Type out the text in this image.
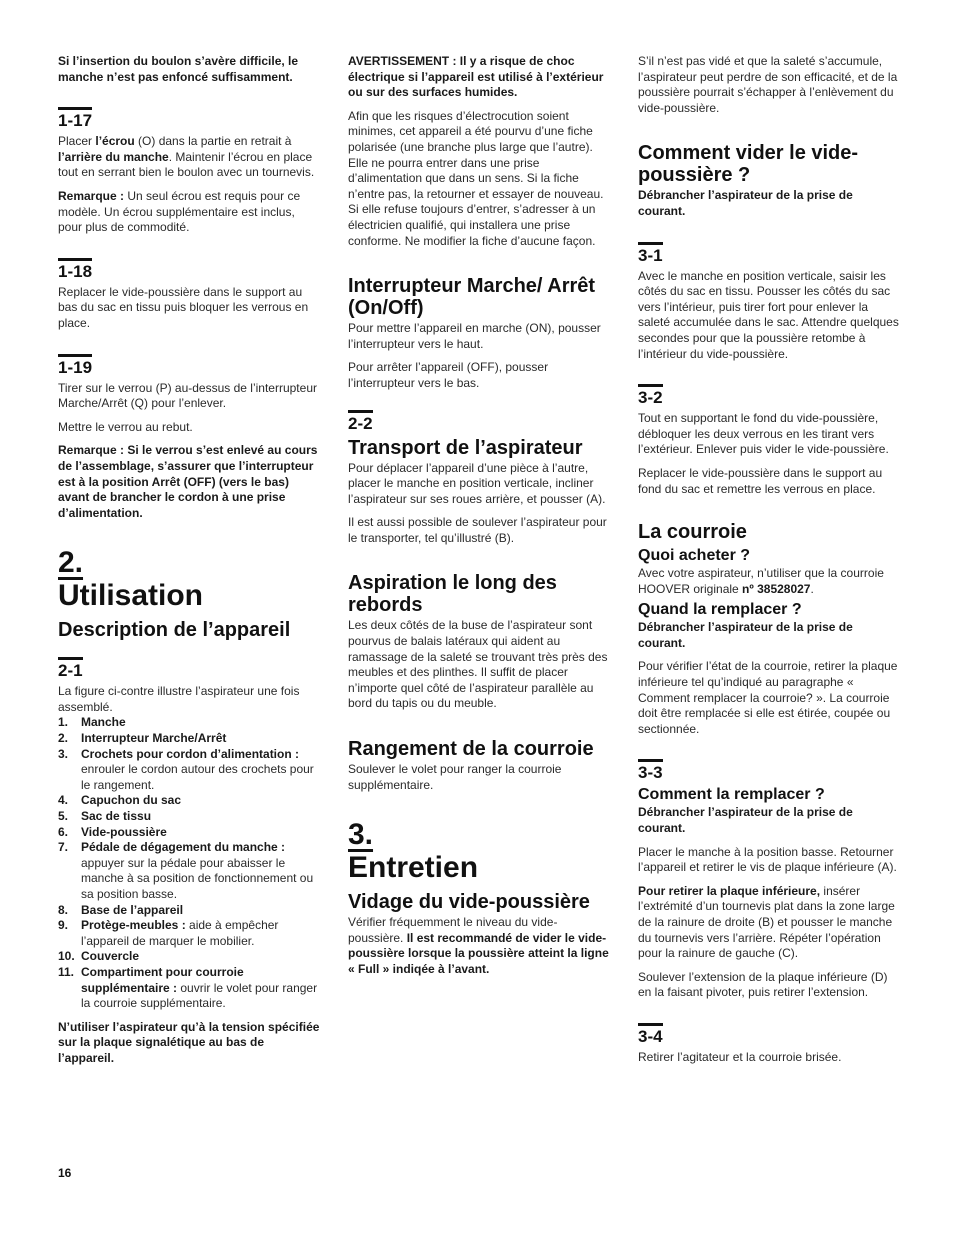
Si l’insertion du boulon s’avère difficile, le manche n’est pas enfoncé suffisamment.

1-17

Placer l’écrou (O) dans la partie en retrait à l’arrière du manche. Maintenir l’écrou en place tout en serrant bien le boulon avec un tournevis.

Remarque : Un seul écrou est requis pour ce modèle. Un écrou supplémentaire est inclus, pour plus de commodité.

1-18

Replacer le vide-poussière dans le support au bas du sac en tissu puis bloquer les verrous en place.

1-19

Tirer sur le verrou (P) au-dessus de l’interrupteur Marche/Arrêt (Q) pour l’enlever.

Mettre le verrou au rebut.

Remarque : Si le verrou s’est enlevé au cours de l’assemblage, s’assurer que l’interrupteur est à la position Arrêt (OFF) (vers le bas) avant de brancher le cordon à une prise d’alimentation.

2.
Utilisation
Description de l’appareil
2-1

La figure ci-contre illustre l’aspirateur une fois assemblé.

1. Manche
2. Interrupteur Marche/Arrêt
3. Crochets pour cordon d’alimentation : enrouler le cordon autour des crochets pour le rangement.
4. Capuchon du sac
5. Sac de tissu
6. Vide-poussière
7. Pédale de dégagement du manche : appuyer sur la pédale pour abaisser le manche à sa position de fonctionnement ou sa position basse.
8. Base de l’appareil
9. Protège-meubles : aide à empêcher l’appareil de marquer le mobilier.
10. Couvercle
11. Compartiment pour courroie supplémentaire : ouvrir le volet pour ranger la courroie supplémentaire.

N’utiliser l’aspirateur qu’à la tension spécifiée sur la plaque signalétique au bas de l’appareil.

AVERTISSEMENT : Il y a risque de choc électrique si l’appareil est utilisé à l’extérieur ou sur des surfaces humides.

Afin que les risques d’électrocution soient minimes, cet appareil a été pourvu d’une fiche polarisée (une branche plus large que l’autre). Elle ne pourra entrer dans une prise d’alimentation que dans un sens. Si la fiche n’entre pas, la retourner et essayer de nouveau. Si elle refuse toujours d’entrer, s’adresser à un électricien qualifié, qui installera une prise conforme. Ne modifier la fiche d’aucune façon.

Interrupteur Marche/ Arrêt (On/Off)

Pour mettre l’appareil en marche (ON), pousser l’interrupteur vers le haut.

Pour arrêter l’appareil (OFF), pousser l’interrupteur vers le bas.

2-2
Transport de l’aspirateur

Pour déplacer l’appareil d’une pièce à l’autre, placer le manche en position verticale, incliner l’aspirateur sur ses roues arrière, et pousser (A).

Il est aussi possible de soulever l’aspirateur pour le transporter, tel qu’illustré (B).

Aspiration le long des rebords

Les deux côtés de la buse de l’aspirateur sont pourvus de balais latéraux qui aident au ramassage de la saleté se trouvant très près des meubles et des plinthes. Il suffit de placer n’importe quel côté de l’aspirateur parallèle au bord du tapis ou du meuble.

Rangement de la courroie

Soulever le volet pour ranger la courroie supplémentaire.

3.
Entretien
Vidage du vide-poussière

Vérifier fréquemment le niveau du vide-poussière. Il est recommandé de vider le vide-poussière lorsque la poussière atteint la ligne « Full » indiqée à l’avant.

S’il n’est pas vidé et que la saleté s’accumule, l’aspirateur peut perdre de son efficacité, et de la poussière pourrait s’échapper à l’enlèvement du vide-poussière.

Comment vider le vide-poussière ?

Débrancher l’aspirateur de la prise de courant.

3-1

Avec le manche en position verticale, saisir les côtés du sac en tissu. Pousser les côtés du sac vers l’intérieur, puis tirer fort pour enlever la saleté accumulée dans le sac. Attendre quelques secondes pour que la poussière retombe à l’intérieur du vide-poussière.

3-2

Tout en supportant le fond du vide-poussière, débloquer les deux verrous en les tirant vers l’extérieur. Enlever puis vider le vide-poussière.

Replacer le vide-poussière dans le support au fond du sac et remettre les verrous en place.

La courroie
Quoi acheter ?

Avec votre aspirateur, n’utiliser que la courroie HOOVER originale nº 38528027.

Quand la remplacer ?

Débrancher l’aspirateur de la prise de courant.

Pour vérifier l’état de la courroie, retirer la plaque inférieure tel qu’indiqué au paragraphe « Comment remplacer la courroie? ». La courroie doit être remplacée si elle est étirée, coupée ou sectionnée.

3-3
Comment la remplacer ?

Débrancher l’aspirateur de la prise de courant.

Placer le manche à la position basse. Retourner l’appareil et retirer le vis de plaque inférieure (A).

Pour retirer la plaque inférieure, insérer l’extrémité d’un tournevis plat dans la zone large de la rainure de droite (B) et pousser le manche du tournevis vers l’arrière. Répéter l’opération pour la rainure de gauche (C).

Soulever l’extension de la plaque inférieure (D) en la faisant pivoter, puis retirer l’extension.

3-4

Retirer l’agitateur et la courroie brisée.

16
